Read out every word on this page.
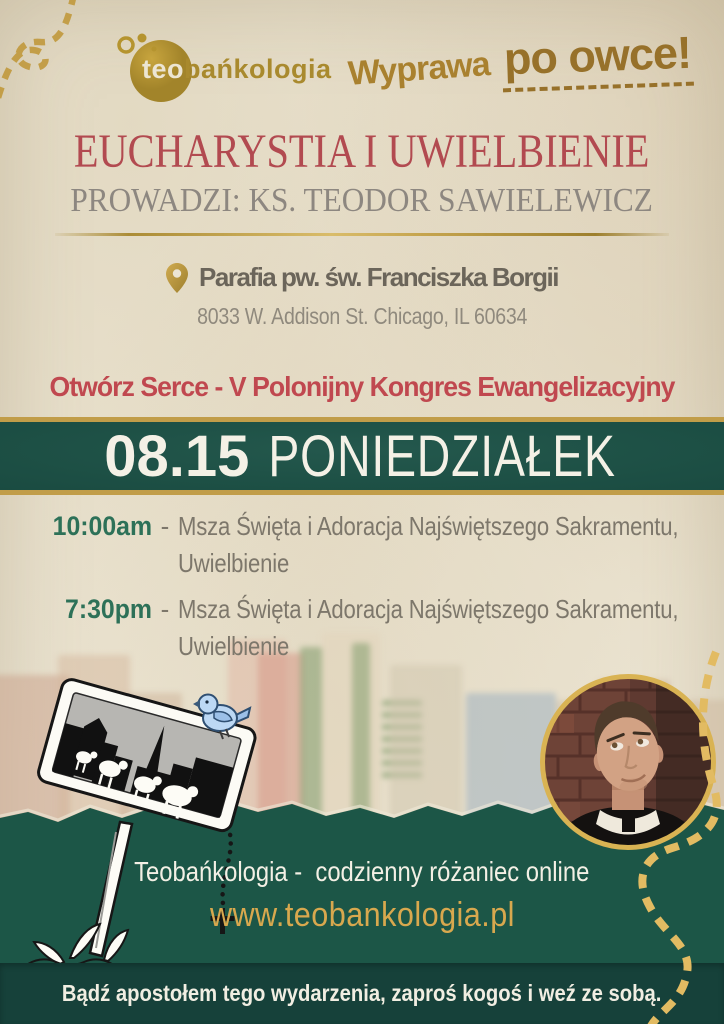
teobańkologia Wyprawa po owce!
EUCHARYSTIA I UWIELBIENIE
PROWADZI: KS. TEODOR SAWIELEWICZ
Parafia pw. św. Franciszka Borgii
8033 W. Addison St. Chicago, IL 60634
Otwórz Serce - V Polonijny Kongres Ewangelizacyjny
08.15 PONIEDZIAŁEK
10:00am - Msza Święta i Adoracja Najświętszego Sakramentu,
Uwielbienie
7:30pm - Msza Święta i Adoracja Najświętszego Sakramentu,
Uwielbienie
Teobańkologia -  codzienny różaniec online
www.teobankologia.pl
Bądź apostołem tego wydarzenia, zaproś kogoś i weź ze sobą.
